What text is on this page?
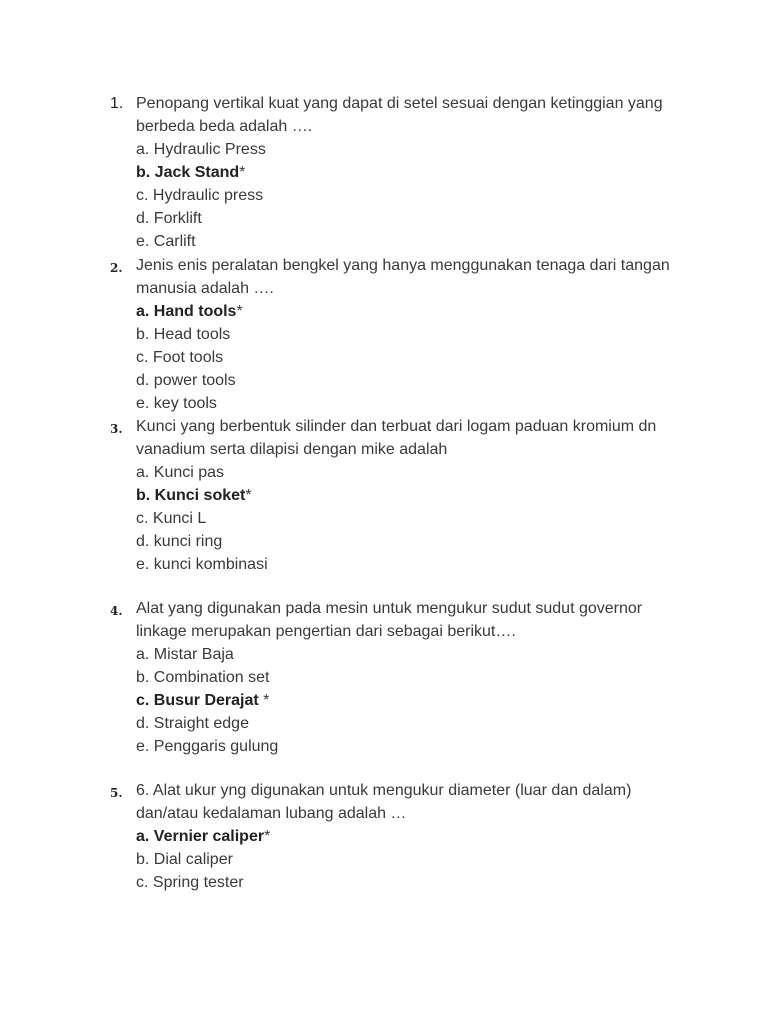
1. Penopang vertikal kuat yang dapat di setel sesuai dengan ketinggian yang berbeda beda adalah ….

a. Hydraulic Press

b. Jack Stand*

c. Hydraulic press

d. Forklift

e. Carlift

2. Jenis enis peralatan bengkel yang hanya menggunakan tenaga dari tangan manusia adalah ….

a. Hand tools*

b. Head tools

c. Foot tools

d. power tools

e. key tools

3. Kunci yang berbentuk silinder dan terbuat dari logam paduan kromium dn vanadium serta dilapisi dengan mike adalah

a. Kunci pas

b. Kunci soket*

c. Kunci L

d. kunci ring

e. kunci kombinasi

4. Alat yang digunakan pada mesin untuk mengukur sudut sudut governor linkage merupakan pengertian dari sebagai berikut….

a. Mistar Baja

b. Combination set

c. Busur Derajat *

d. Straight edge

e. Penggaris gulung

5. 6. Alat ukur yng digunakan untuk mengukur diameter (luar dan dalam) dan/atau kedalaman lubang adalah …

a. Vernier caliper*

b. Dial caliper

c. Spring tester
